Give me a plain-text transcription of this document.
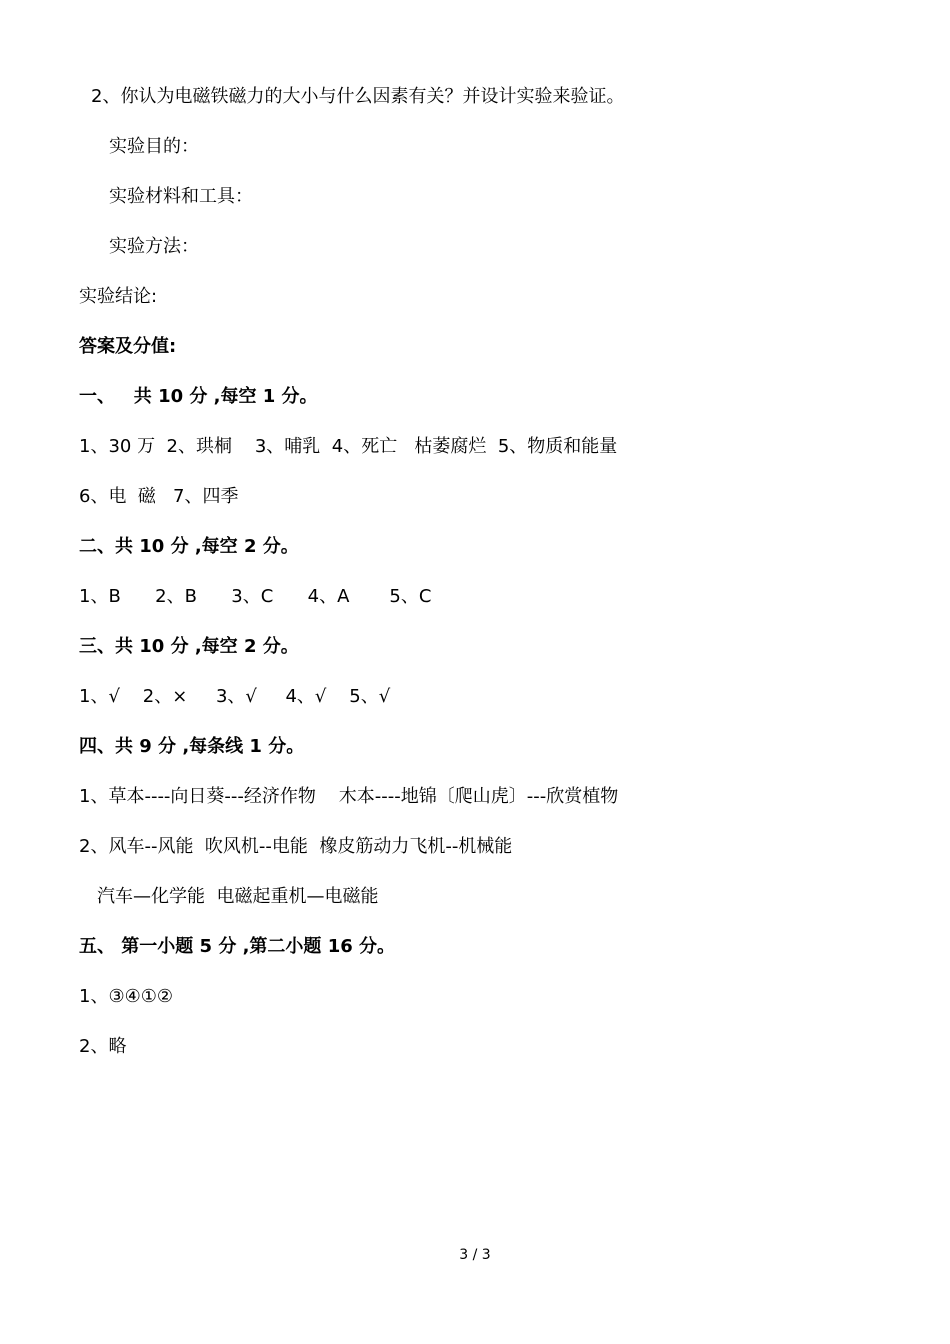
2、你认为电磁铁磁力的大小与什么因素有关？并设计实验来验证。
实验目的：
实验材料和工具：
实验方法：
实验结论:
答案及分值:
一、   共 10 分 ,每空 1 分。
1、30 万  2、珙桐    3、哺乳  4、死亡   枯萎腐烂  5、物质和能量
6、电  磁   7、四季
二、共 10 分 ,每空 2 分。
1、B      2、B      3、C      4、A       5、C
三、共 10 分 ,每空 2 分。
1、√    2、×     3、√     4、√    5、√
四、共 9 分 ,每条线 1 分。
1、草本----向日葵---经济作物    木本----地锦〔爬山虎〕---欣赏植物
2、风车--风能  吹风机--电能  橡皮筋动力飞机--机械能
汽车—化学能  电磁起重机—电磁能
五、 第一小题 5 分 ,第二小题 16 分。
1、③④①②
2、略
3 / 3
